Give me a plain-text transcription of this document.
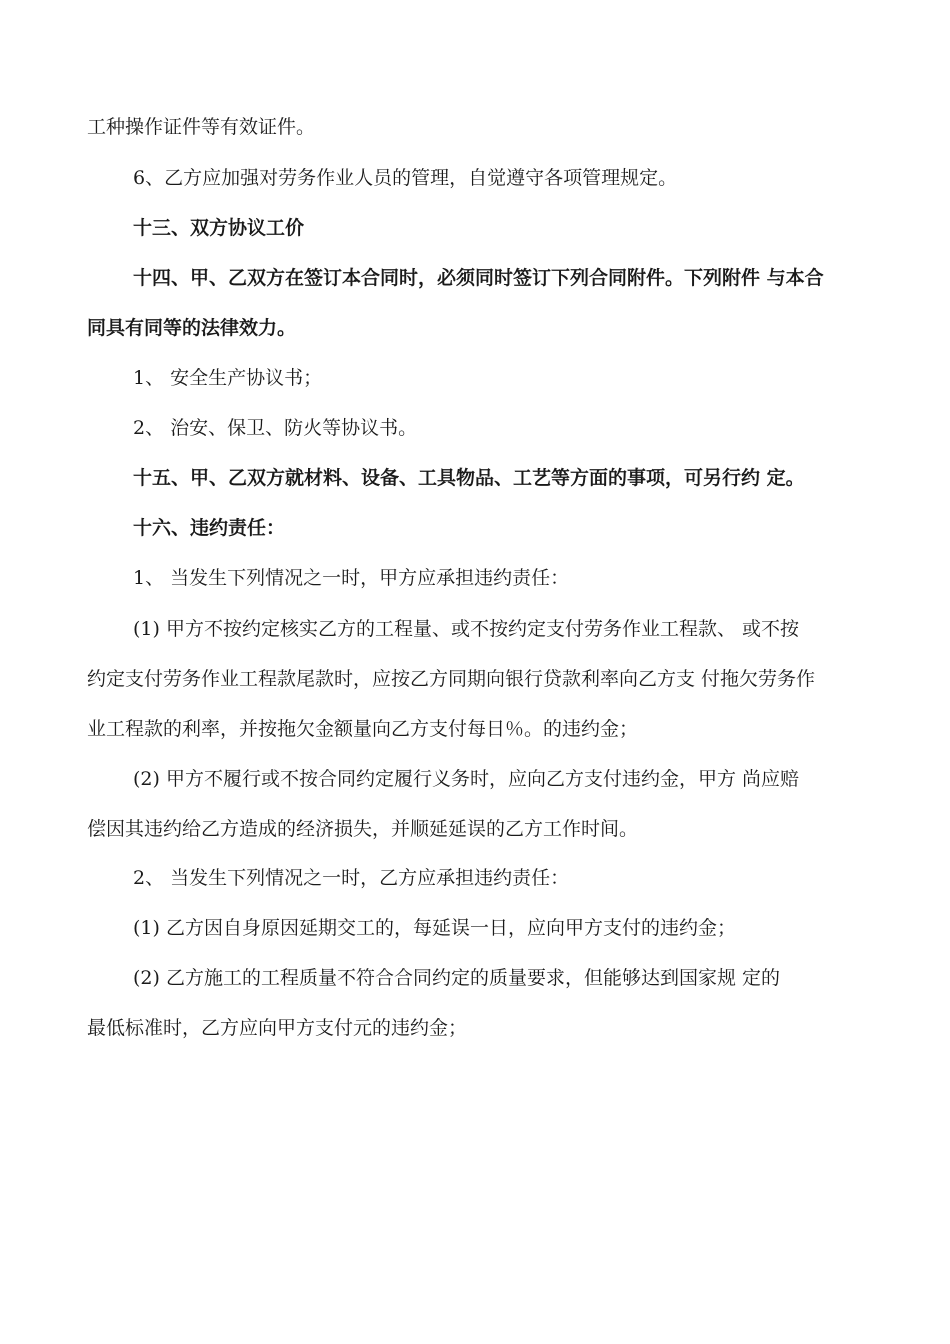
工种操作证件等有效证件。
6、乙方应加强对劳务作业人员的管理，自觉遵守各项管理规定。
十三、双方协议工价
十四、甲、乙双方在签订本合同时，必须同时签订下列合同附件。下列附件 与本合
同具有同等的法律效力。
1、 安全生产协议书；
2、 治安、保卫、防火等协议书。
十五、甲、乙双方就材料、设备、工具物品、工艺等方面的事项，可另行约 定。
十六、违约责任：
1、 当发生下列情况之一时，甲方应承担违约责任：
(1) 甲方不按约定核实乙方的工程量、或不按约定支付劳务作业工程款、 或不按
约定支付劳务作业工程款尾款时，应按乙方同期向银行贷款利率向乙方支 付拖欠劳务作
业工程款的利率，并按拖欠金额量向乙方支付每日％。的违约金；
(2) 甲方不履行或不按合同约定履行义务时，应向乙方支付违约金，甲方 尚应赔
偿因其违约给乙方造成的经济损失，并顺延延误的乙方工作时间。
2、 当发生下列情况之一时，乙方应承担违约责任：
(1) 乙方因自身原因延期交工的，每延误一日，应向甲方支付的违约金；
(2) 乙方施工的工程质量不符合合同约定的质量要求，但能够达到国家规 定的
最低标准时，乙方应向甲方支付元的违约金；
